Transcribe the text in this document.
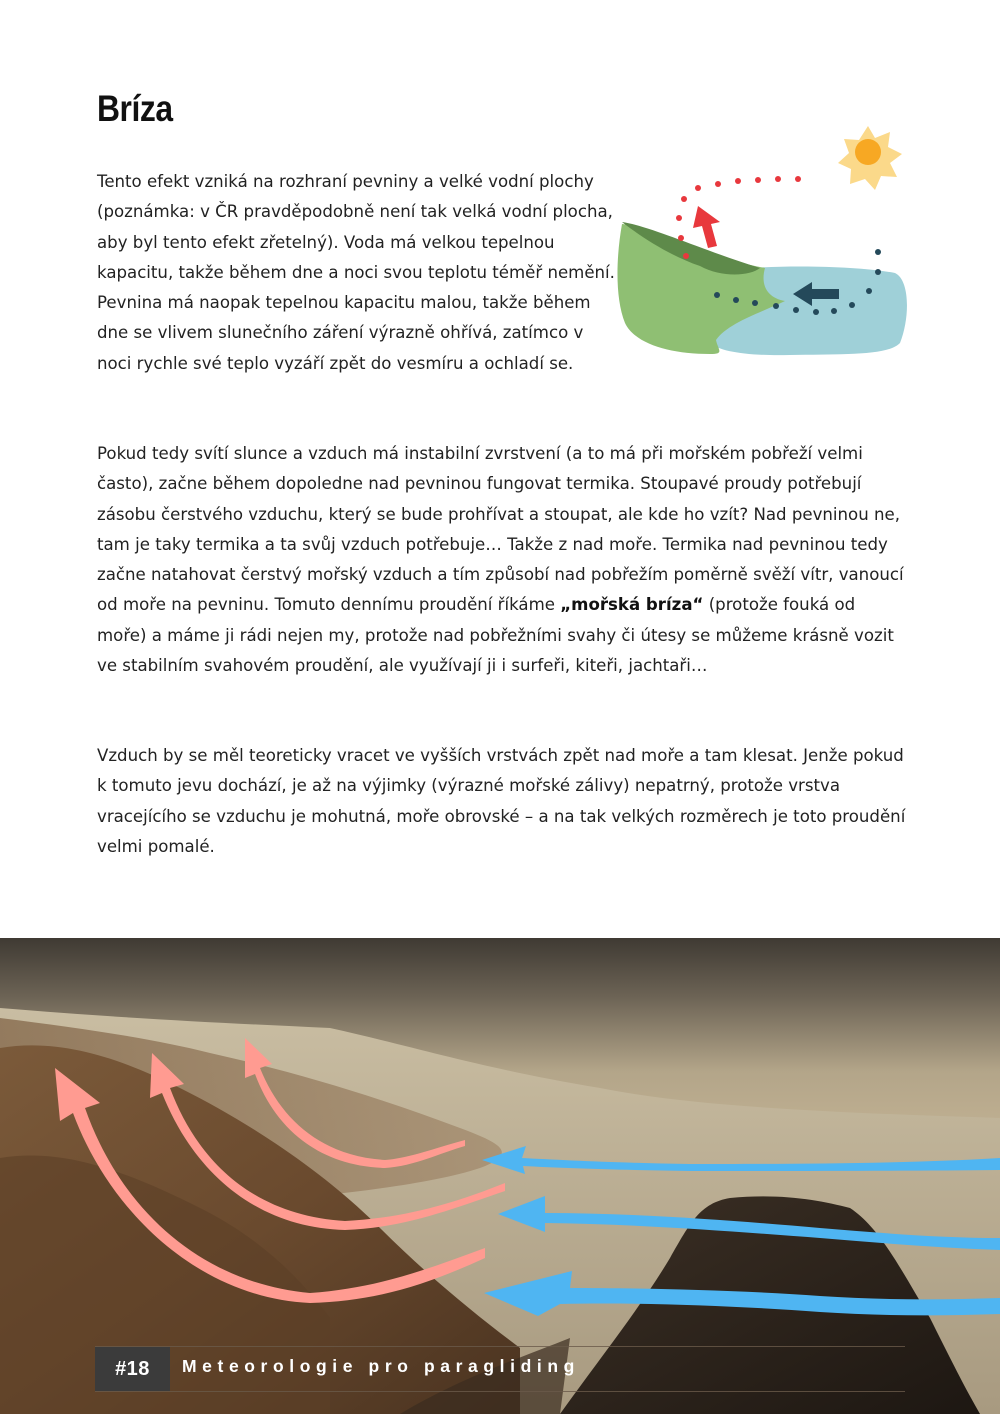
Bríza

Tento efekt vzniká na rozhraní pevniny a velké vodní plochy (poznámka: v ČR pravděpodobně není tak velká vodní plocha, aby byl tento efekt zřetelný). Voda má velkou tepelnou kapacitu, takže během dne a noci svou teplotu téměř nemění. Pevnina má naopak tepelnou kapacitu malou, takže během dne se vlivem slunečního záření výrazně ohřívá, zatímco v noci rychle své teplo vyzáří zpět do vesmíru a ochladí se.

Pokud tedy svítí slunce a vzduch má instabilní zvrstvení (a to má při mořském pobřeží velmi často), začne během dopoledne nad pevninou fungovat termika. Stoupavé proudy potřebují zásobu čerstvého vzduchu, který se bude prohřívat a stoupat, ale kde ho vzít? Nad pevninou ne, tam je taky termika a ta svůj vzduch potřebuje… Takže z nad moře. Termika nad pevninou tedy začne natahovat čerstvý mořský vzduch a tím způsobí nad pobřežím poměrně svěží vítr, vanoucí od moře na pevninu. Tomuto dennímu proudění říkáme „mořská bríza“ (protože fouká od moře) a máme ji rádi nejen my, protože nad pobřežními svahy či útesy se můžeme krásně vozit ve stabilním svahovém proudění, ale využívají ji i surfeři, kiteři, jachtaři…

Vzduch by se měl teoreticky vracet ve vyšších vrstvách zpět nad moře a tam klesat. Jenže pokud k tomuto jevu dochází, je až na výjimky (výrazné mořské zálivy) nepatrný, protože vrstva vracejícího se vzduchu je mohutná, moře obrovské – a na tak velkých rozměrech je toto proudění velmi pomalé.

#18	Meteorologie pro paragliding
